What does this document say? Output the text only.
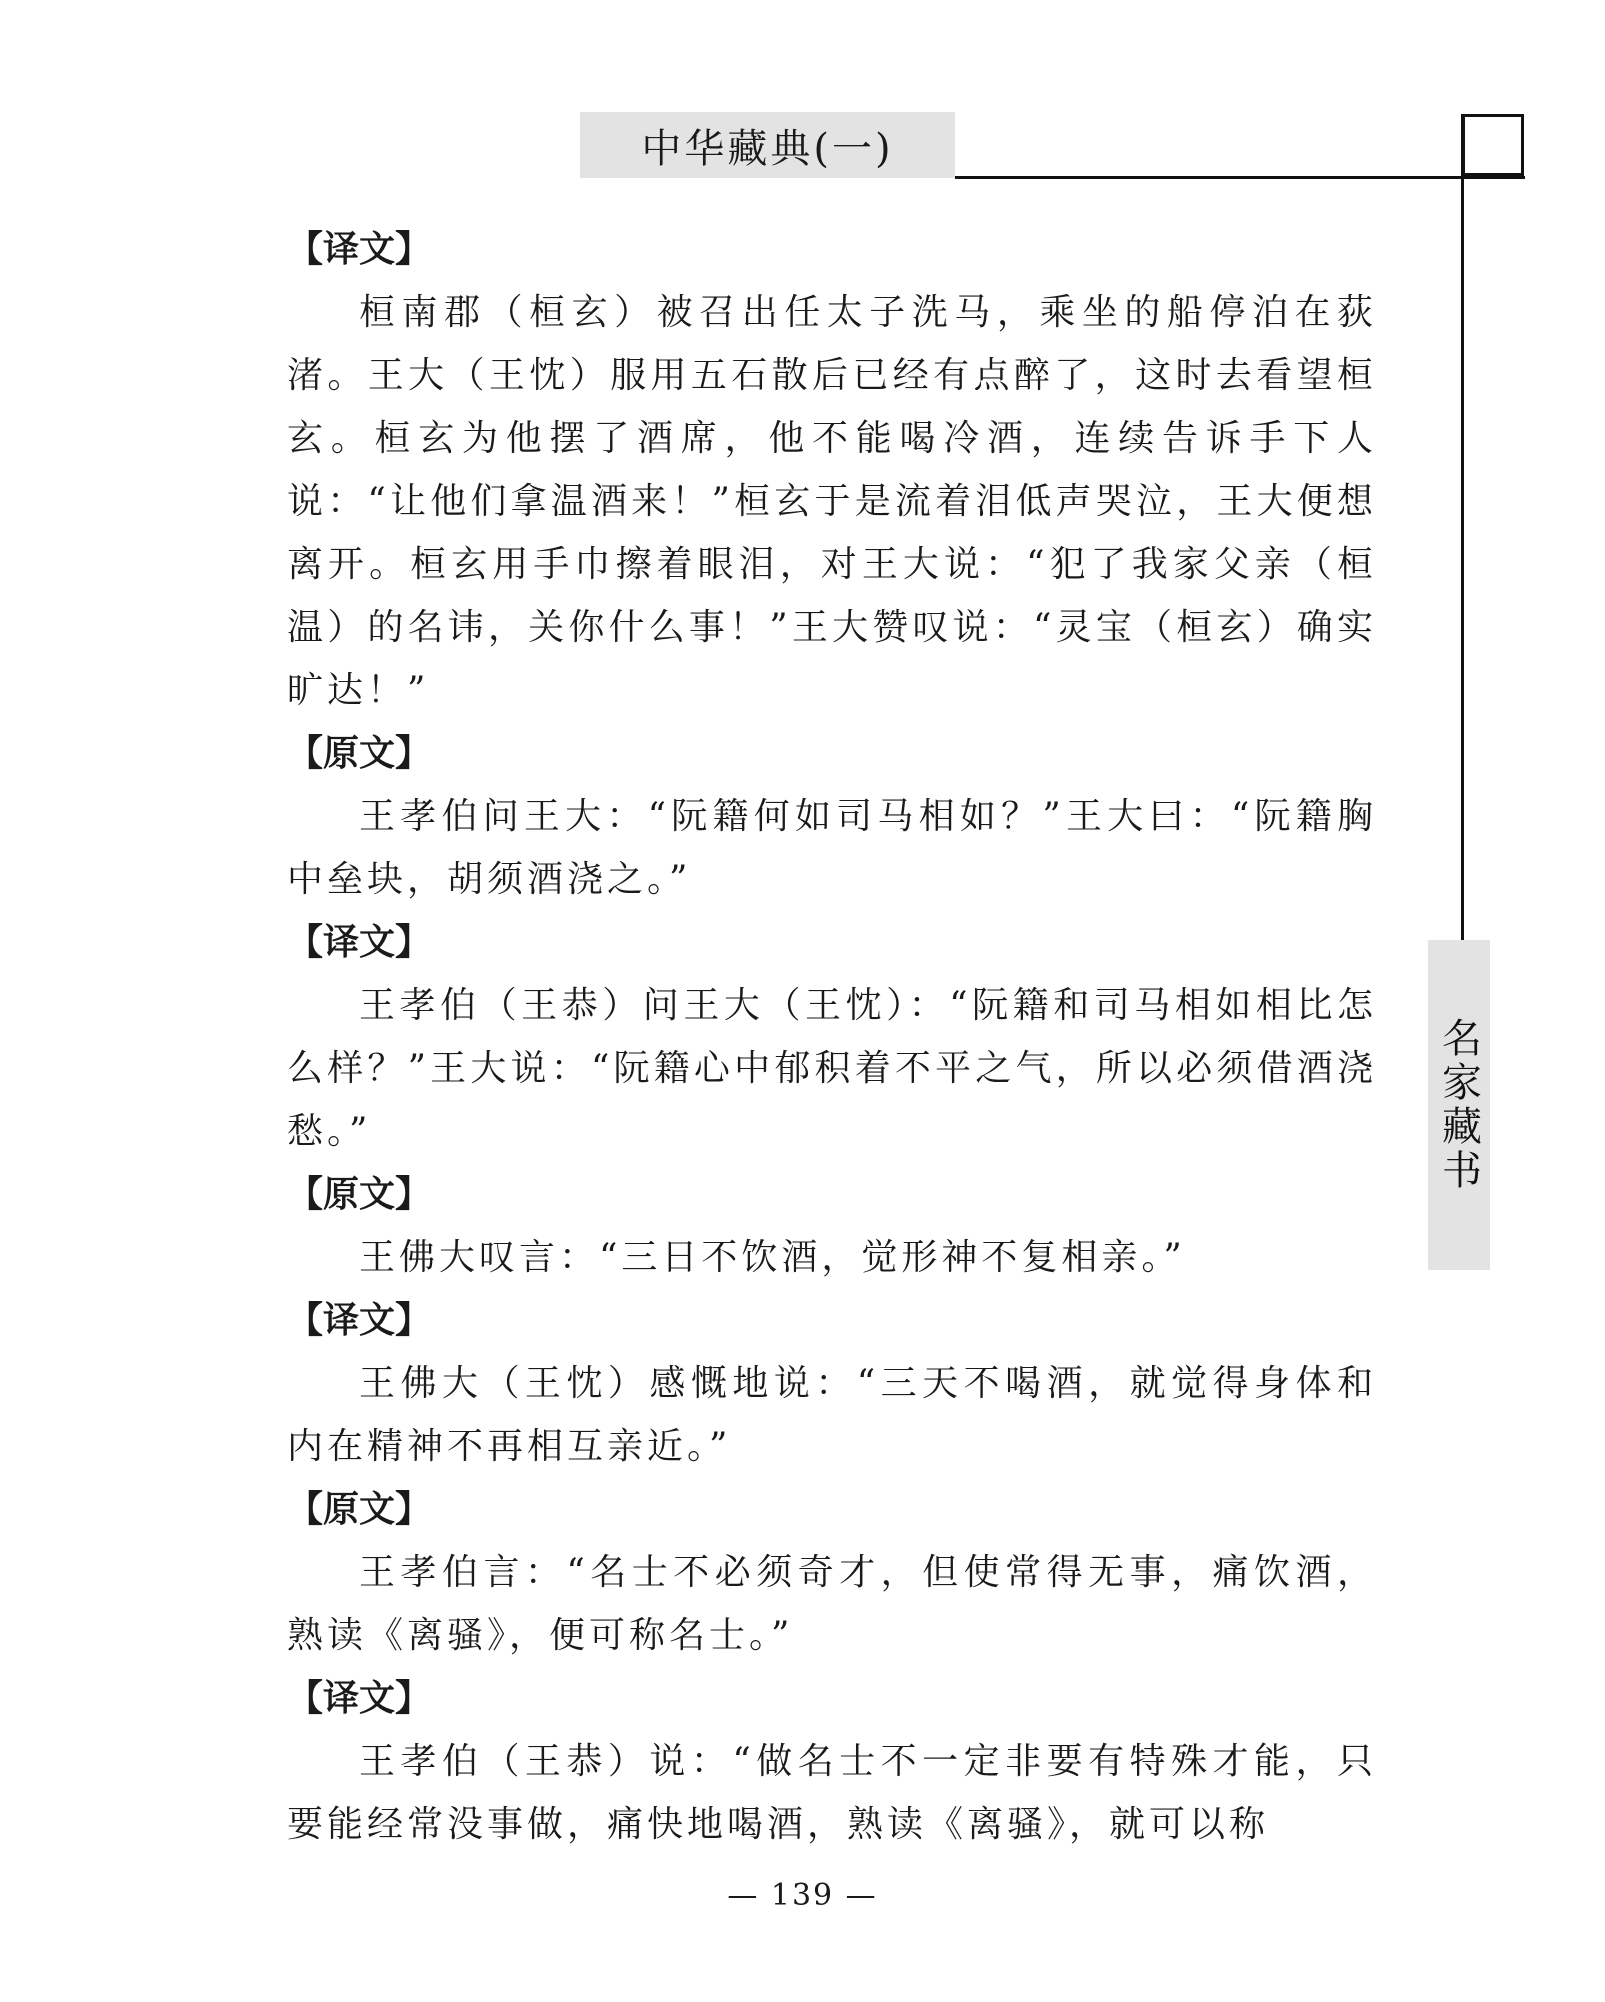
中华藏典(一)
名家藏书
【译文】

桓南郡（桓玄）被召出任太子洗马，乘坐的船停泊在荻渚。王大（王忱）服用五石散后已经有点醉了，这时去看望桓玄。桓玄为他摆了酒席，他不能喝冷酒，连续告诉手下人说：“让他们拿温酒来！”桓玄于是流着泪低声哭泣，王大便想离开。桓玄用手巾擦着眼泪，对王大说：“犯了我家父亲（桓温）的名讳，关你什么事！”王大赞叹说：“灵宝（桓玄）确实旷达！”

【原文】

王孝伯问王大：“阮籍何如司马相如？”王大曰：“阮籍胸中垒块，胡须酒浇之。”

【译文】

王孝伯（王恭）问王大（王忱）：“阮籍和司马相如相比怎么样？”王大说：“阮籍心中郁积着不平之气，所以必须借酒浇愁。”

【原文】

王佛大叹言：“三日不饮酒，觉形神不复相亲。”

【译文】

王佛大（王忱）感慨地说：“三天不喝酒，就觉得身体和内在精神不再相互亲近。”

【原文】

王孝伯言：“名士不必须奇才，但使常得无事，痛饮酒，熟读《离骚》，便可称名士。”

【译文】

王孝伯（王恭）说：“做名士不一定非要有特殊才能，只要能经常没事做，痛快地喝酒，熟读《离骚》，就可以称

— 139 —
